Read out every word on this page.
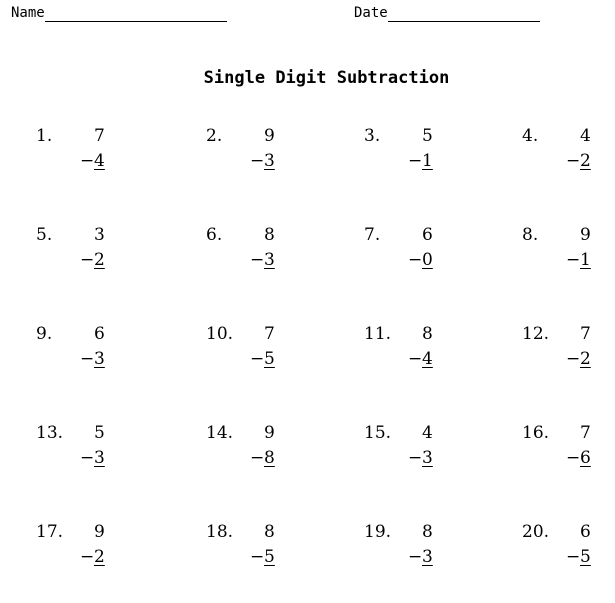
Name	Date
Single Digit Subtraction
1. 7
− 4
2. 9
− 3
3. 5
− 1
4. 4
− 2
5. 3
− 2
6. 8
− 3
7. 6
− 0
8. 9
− 1
9. 6
− 3
10. 7
− 5
11. 8
− 4
12. 7
− 2
13. 5
− 3
14. 9
− 8
15. 4
− 3
16. 7
− 6
17. 9
− 2
18. 8
− 5
19. 8
− 3
20. 6
− 5
